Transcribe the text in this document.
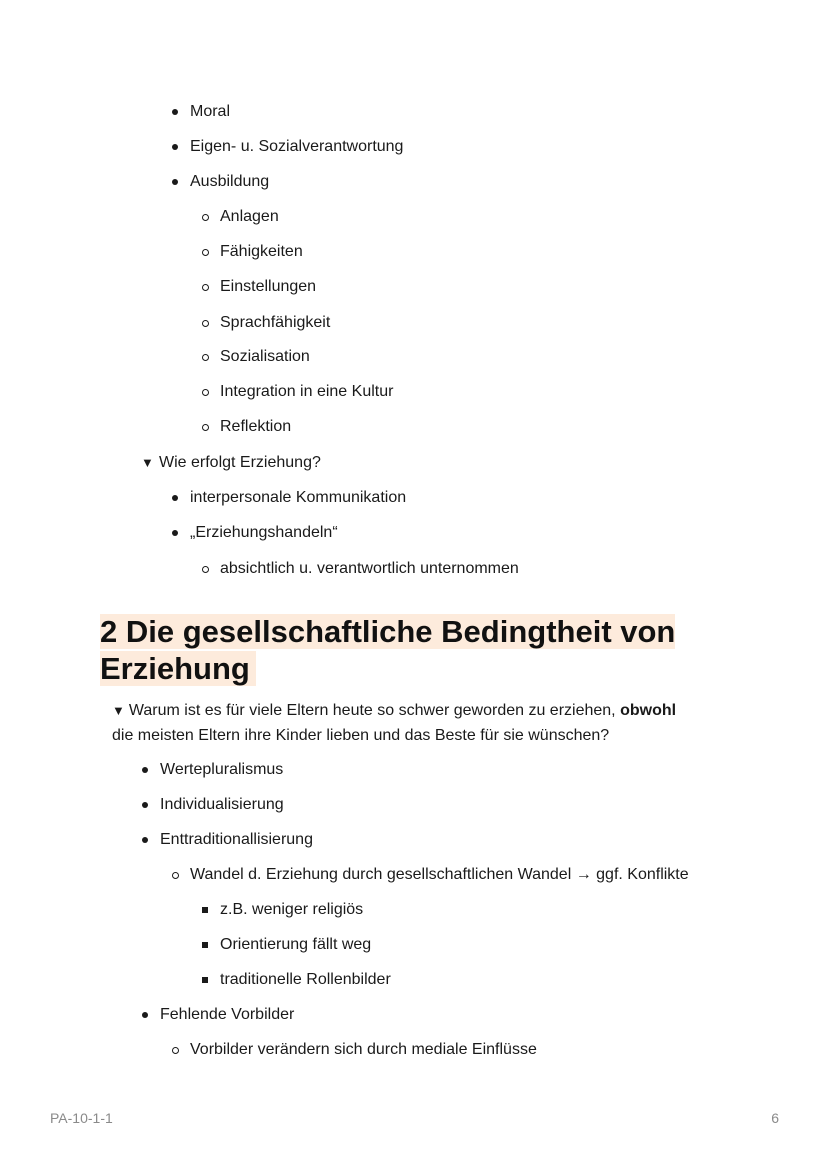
Moral
Eigen- u. Sozialverantwortung
Ausbildung
Anlagen
Fähigkeiten
Einstellungen
Sprachfähigkeit
Sozialisation
Integration in eine Kultur
Reflektion
▼ Wie erfolgt Erziehung?
interpersonale Kommunikation
„Erziehungshandeln“
absichtlich u. verantwortlich unternommen
2 Die gesellschaftliche Bedingtheit von Erziehung
▼ Warum ist es für viele Eltern heute so schwer geworden zu erziehen, obwohl
die meisten Eltern ihre Kinder lieben und das Beste für sie wünschen?
Wertepluralismus
Individualisierung
Enttraditionallisierung
Wandel d. Erziehung durch gesellschaftlichen Wandel → ggf. Konflikte
z.B. weniger religiös
Orientierung fällt weg
traditionelle Rollenbilder
Fehlende Vorbilder
Vorbilder verändern sich durch mediale Einflüsse
PA-10-1-1	6
